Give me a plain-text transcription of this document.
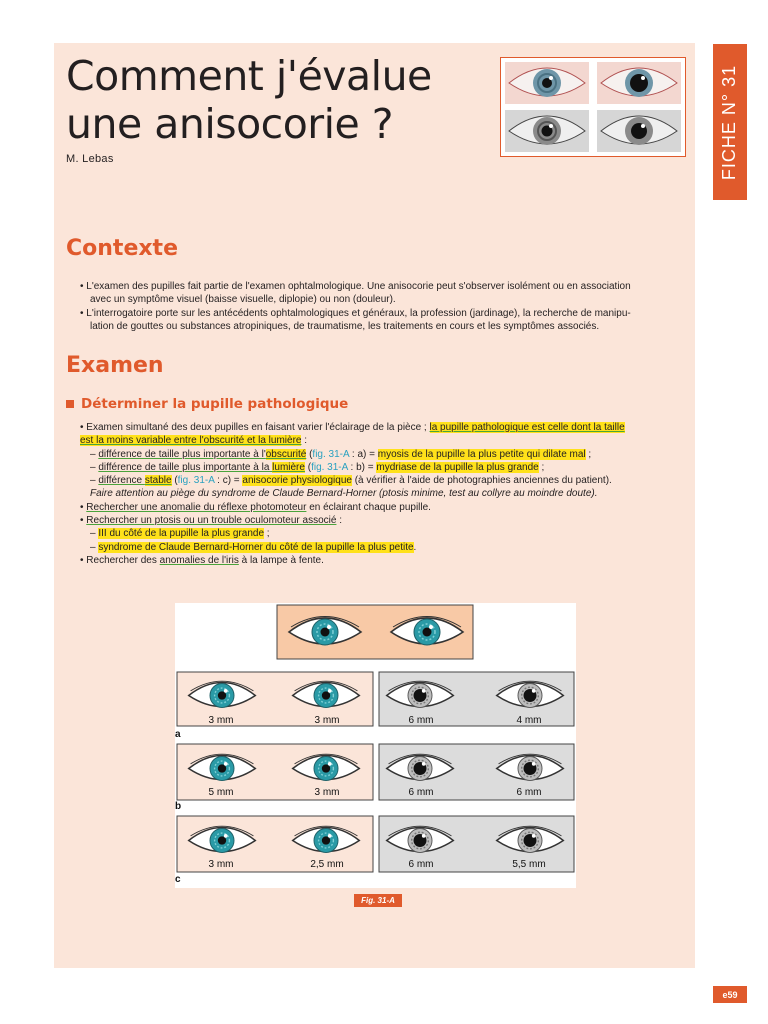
Comment j'évalue
une anisocorie ?
M. Lebas	FICHE N° 31
Contexte

• L'examen des pupilles fait partie de l'examen ophtalmologique. Une anisocorie peut s'observer isolément ou en association

avec un symptôme visuel (baisse visuelle, diplopie) ou non (douleur).

• L'interrogatoire porte sur les antécédents ophtalmologiques et généraux, la profession (jardinage), la recherche de manipu-

lation de gouttes ou substances atropiniques, de traumatisme, les traitements en cours et les symptômes associés.

Examen
Déterminer la pupille pathologique

• Examen simultané des deux pupilles en faisant varier l'éclairage de la pièce ; la pupille pathologique est celle dont la taille

est la moins variable entre l'obscurité et la lumière :

– différence de taille plus importante à l'obscurité (fig. 31-A : a) = myosis de la pupille la plus petite qui dilate mal ;

– différence de taille plus importante à la lumière (fig. 31-A : b) = mydriase de la pupille la plus grande ;

– différence stable (fig. 31-A : c) = anisocorie physiologique (à vérifier à l'aide de photographies anciennes du patient).

Faire attention au piège du syndrome de Claude Bernard-Horner (ptosis minime, test au collyre au moindre doute).

• Rechercher une anomalie du réflexe photomoteur en éclairant chaque pupille.

• Rechercher un ptosis ou un trouble oculomoteur associé :

– III du côté de la pupille la plus grande ;

– syndrome de Claude Bernard-Horner du côté de la pupille la plus petite.

• Rechercher des anomalies de l'iris à la lampe à fente.

3 mm	3 mm	6 mm	4 mm
a
5 mm	3 mm	6 mm	6 mm
b
3 mm	2,5 mm	6 mm	5,5 mm
c
Fig. 31-A
e59
